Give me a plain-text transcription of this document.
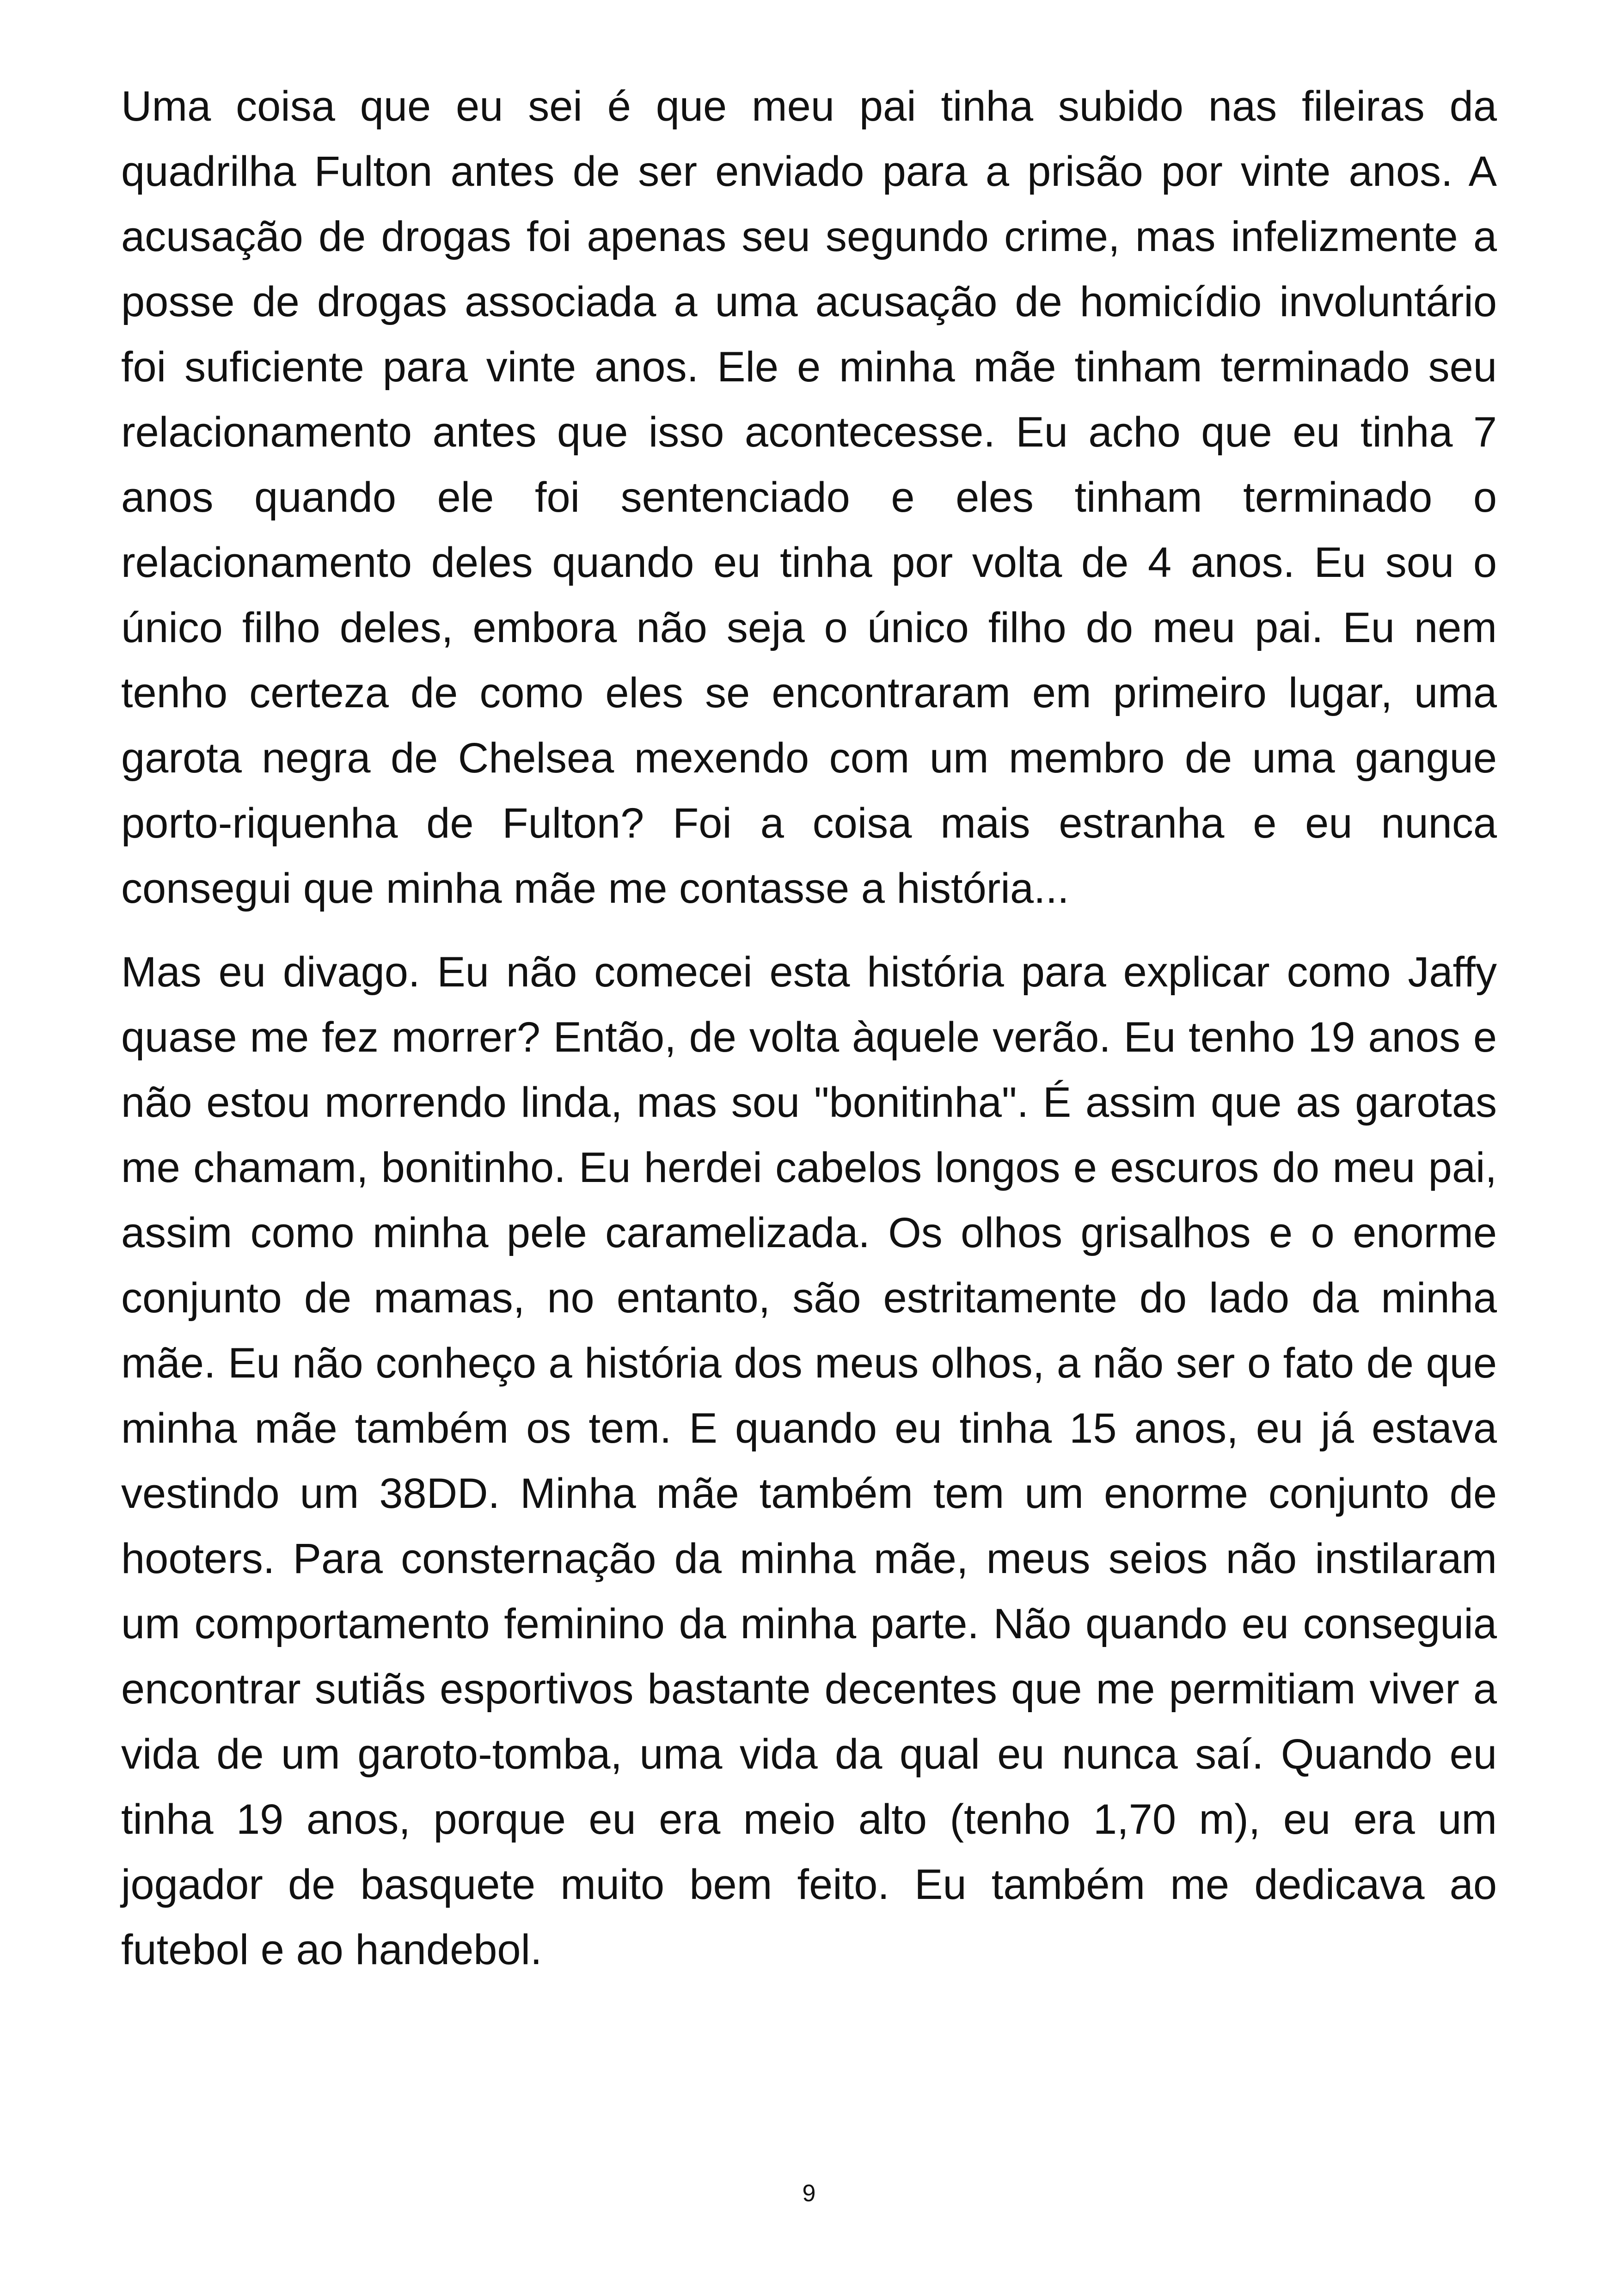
Uma coisa que eu sei é que meu pai tinha subido nas fileiras da quadrilha Fulton antes de ser enviado para a prisão por vinte anos. A acusação de drogas foi apenas seu segundo crime, mas infelizmente a posse de drogas associada a uma acusação de homicídio involuntário foi suficiente para vinte anos. Ele e minha mãe tinham terminado seu relacionamento antes que isso acontecesse. Eu acho que eu tinha 7 anos quando ele foi sentenciado e eles tinham terminado o relacionamento deles quando eu tinha por volta de 4 anos. Eu sou o único filho deles, embora não seja o único filho do meu pai. Eu nem tenho certeza de como eles se encontraram em primeiro lugar, uma garota negra de Chelsea mexendo com um membro de uma gangue porto-riquenha de Fulton? Foi a coisa mais estranha e eu nunca consegui que minha mãe me contasse a história...

Mas eu divago. Eu não comecei esta história para explicar como Jaffy quase me fez morrer? Então, de volta àquele verão. Eu tenho 19 anos e não estou morrendo linda, mas sou "bonitinha". É assim que as garotas me chamam, bonitinho. Eu herdei cabelos longos e escuros do meu pai, assim como minha pele caramelizada. Os olhos grisalhos e o enorme conjunto de mamas, no entanto, são estritamente do lado da minha mãe. Eu não conheço a história dos meus olhos, a não ser o fato de que minha mãe também os tem. E quando eu tinha 15 anos, eu já estava vestindo um 38DD. Minha mãe também tem um enorme conjunto de hooters. Para consternação da minha mãe, meus seios não instilaram um comportamento feminino da minha parte. Não quando eu conseguia encontrar sutiãs esportivos bastante decentes que me permitiam viver a vida de um garoto-tomba, uma vida da qual eu nunca saí. Quando eu tinha 19 anos, porque eu era meio alto (tenho 1,70 m), eu era um jogador de basquete muito bem feito. Eu também me dedicava ao futebol e ao handebol.

9
